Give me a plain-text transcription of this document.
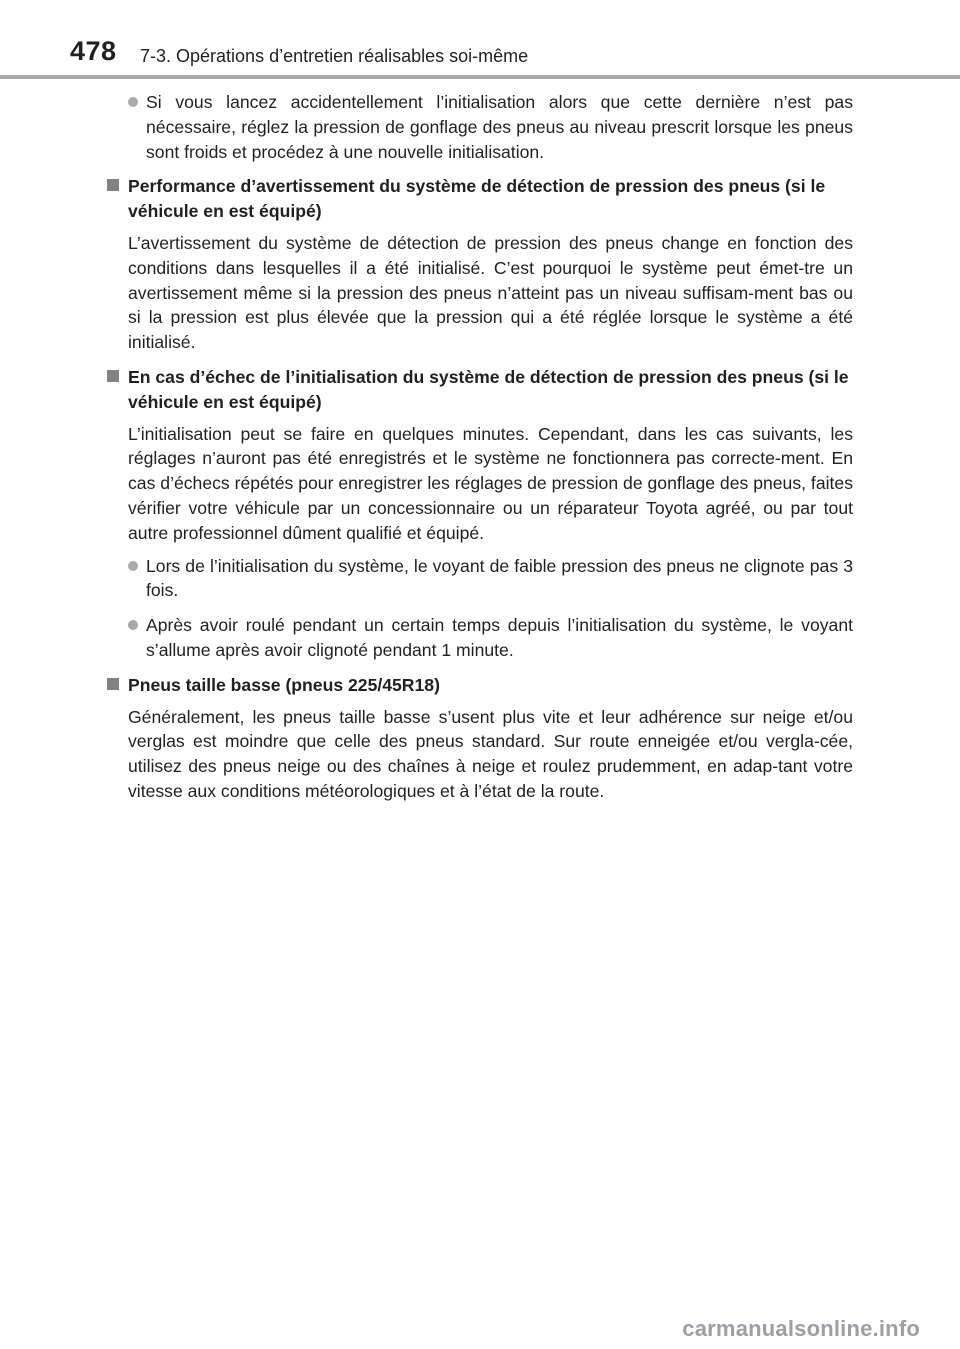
478 7-3. Opérations d’entretien réalisables soi-même
Si vous lancez accidentellement l’initialisation alors que cette dernière n’est pas nécessaire, réglez la pression de gonflage des pneus au niveau prescrit lorsque les pneus sont froids et procédez à une nouvelle initialisation.
Performance d’avertissement du système de détection de pression des pneus (si le véhicule en est équipé)
L’avertissement du système de détection de pression des pneus change en fonction des conditions dans lesquelles il a été initialisé. C’est pourquoi le système peut émet-tre un avertissement même si la pression des pneus n’atteint pas un niveau suffisam-ment bas ou si la pression est plus élevée que la pression qui a été réglée lorsque le système a été initialisé.
En cas d’échec de l’initialisation du système de détection de pression des pneus (si le véhicule en est équipé)
L’initialisation peut se faire en quelques minutes. Cependant, dans les cas suivants, les réglages n’auront pas été enregistrés et le système ne fonctionnera pas correcte-ment. En cas d’échecs répétés pour enregistrer les réglages de pression de gonflage des pneus, faites vérifier votre véhicule par un concessionnaire ou un réparateur Toyota agréé, ou par tout autre professionnel dûment qualifié et équipé.
Lors de l’initialisation du système, le voyant de faible pression des pneus ne clignote pas 3 fois.
Après avoir roulé pendant un certain temps depuis l’initialisation du système, le voyant s’allume après avoir clignoté pendant 1 minute.
Pneus taille basse (pneus 225/45R18)
Généralement, les pneus taille basse s’usent plus vite et leur adhérence sur neige et/ou verglas est moindre que celle des pneus standard. Sur route enneigée et/ou vergla-cée, utilisez des pneus neige ou des chaînes à neige et roulez prudemment, en adap-tant votre vitesse aux conditions météorologiques et à l’état de la route.
carmanualsonline.info
